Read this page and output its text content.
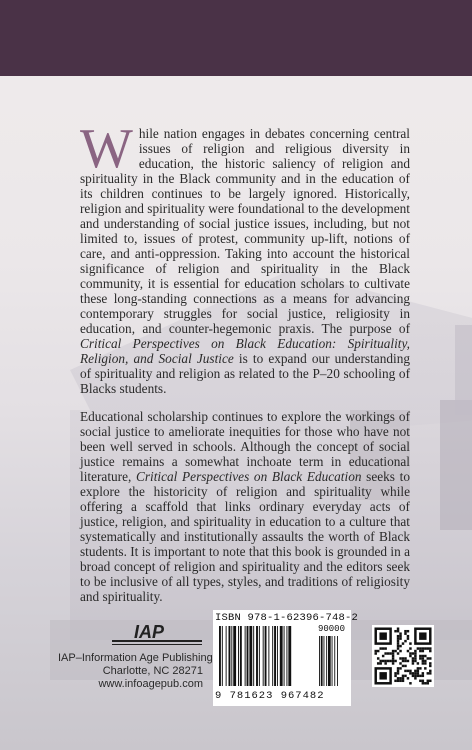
While nation engages in debates concerning central issues of religion and religious diversity in education, the historic saliency of religion and spirituality in the Black community and in the education of its children continues to be largely ignored. Historically, religion and spirituality were foundational to the development and understanding of social justice issues, including, but not limited to, issues of protest, community up-lift, notions of care, and anti-oppression. Taking into account the historical significance of religion and spirituality in the Black community, it is essential for education scholars to cultivate these long-standing connections as a means for advancing contemporary struggles for social justice, religiosity in education, and counter-hegemonic praxis. The purpose of Critical Perspectives on Black Education: Spirituality, Religion, and Social Justice is to expand our understanding of spirituality and religion as related to the P–20 schooling of Blacks students.

Educational scholarship continues to explore the workings of social justice to ameliorate inequities for those who have not been well served in schools. Although the concept of social justice remains a somewhat inchoate term in educational literature, Critical Perspectives on Black Education seeks to explore the historicity of religion and spirituality while offering a scaffold that links ordinary everyday acts of justice, religion, and spirituality in education to a culture that systematically and institutionally assaults the worth of Black students. It is important to note that this book is grounded in a broad concept of religion and spirituality and the editors seek to be inclusive of all types, styles, and traditions of religiosity and spirituality.

IAP
IAP–Information Age Publishing
Charlotte, NC 28271
www.infoagepub.com
ISBN 978-1-62396-748-2
90000
9 781623 967482
